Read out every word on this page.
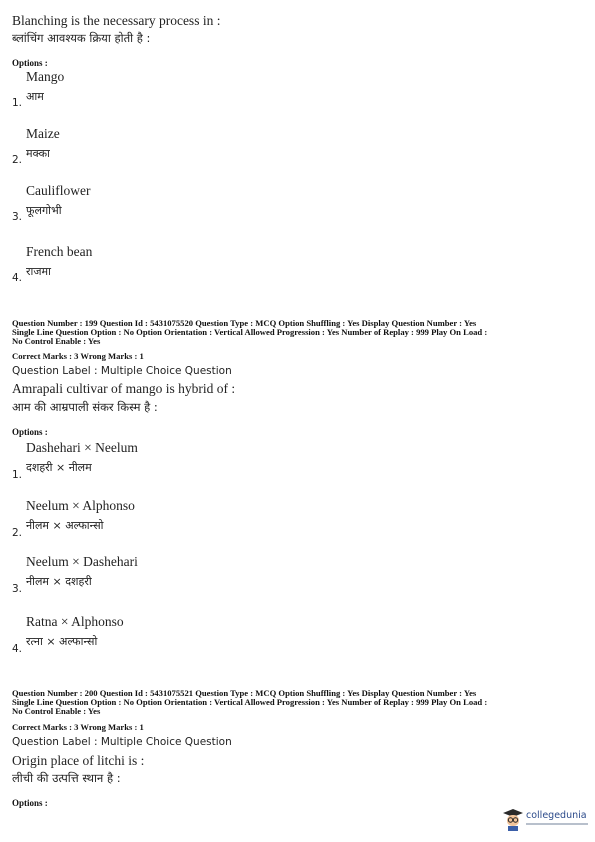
Blanching is the necessary process in :
ब्लांचिंग आवश्यक क्रिया होती है :
Options :
Mango
आम
1.
Maize
मक्का
2.
Cauliflower
फूलगोभी
3.
French bean
राजमा
4.
Question Number : 199 Question Id : 5431075520 Question Type : MCQ Option Shuffling : Yes Display Question Number : Yes
Single Line Question Option : No Option Orientation : Vertical Allowed Progression : Yes Number of Replay : 999 Play On Load :
No Control Enable : Yes
Correct Marks : 3 Wrong Marks : 1
Question Label : Multiple Choice Question
Amrapali cultivar of mango is hybrid of :
आम की आम्रपाली संकर किस्म है :
Options :
Dashehari × Neelum
दशहरी × नीलम
1.
Neelum × Alphonso
नीलम × अल्फान्सो
2.
Neelum × Dashehari
नीलम × दशहरी
3.
Ratna × Alphonso
रत्ना × अल्फान्सो
4.
Question Number : 200 Question Id : 5431075521 Question Type : MCQ Option Shuffling : Yes Display Question Number : Yes
Single Line Question Option : No Option Orientation : Vertical Allowed Progression : Yes Number of Replay : 999 Play On Load :
No Control Enable : Yes
Correct Marks : 3 Wrong Marks : 1
Question Label : Multiple Choice Question
Origin place of litchi is :
लीची की उत्पत्ति स्थान है :
Options :
collegedunia
